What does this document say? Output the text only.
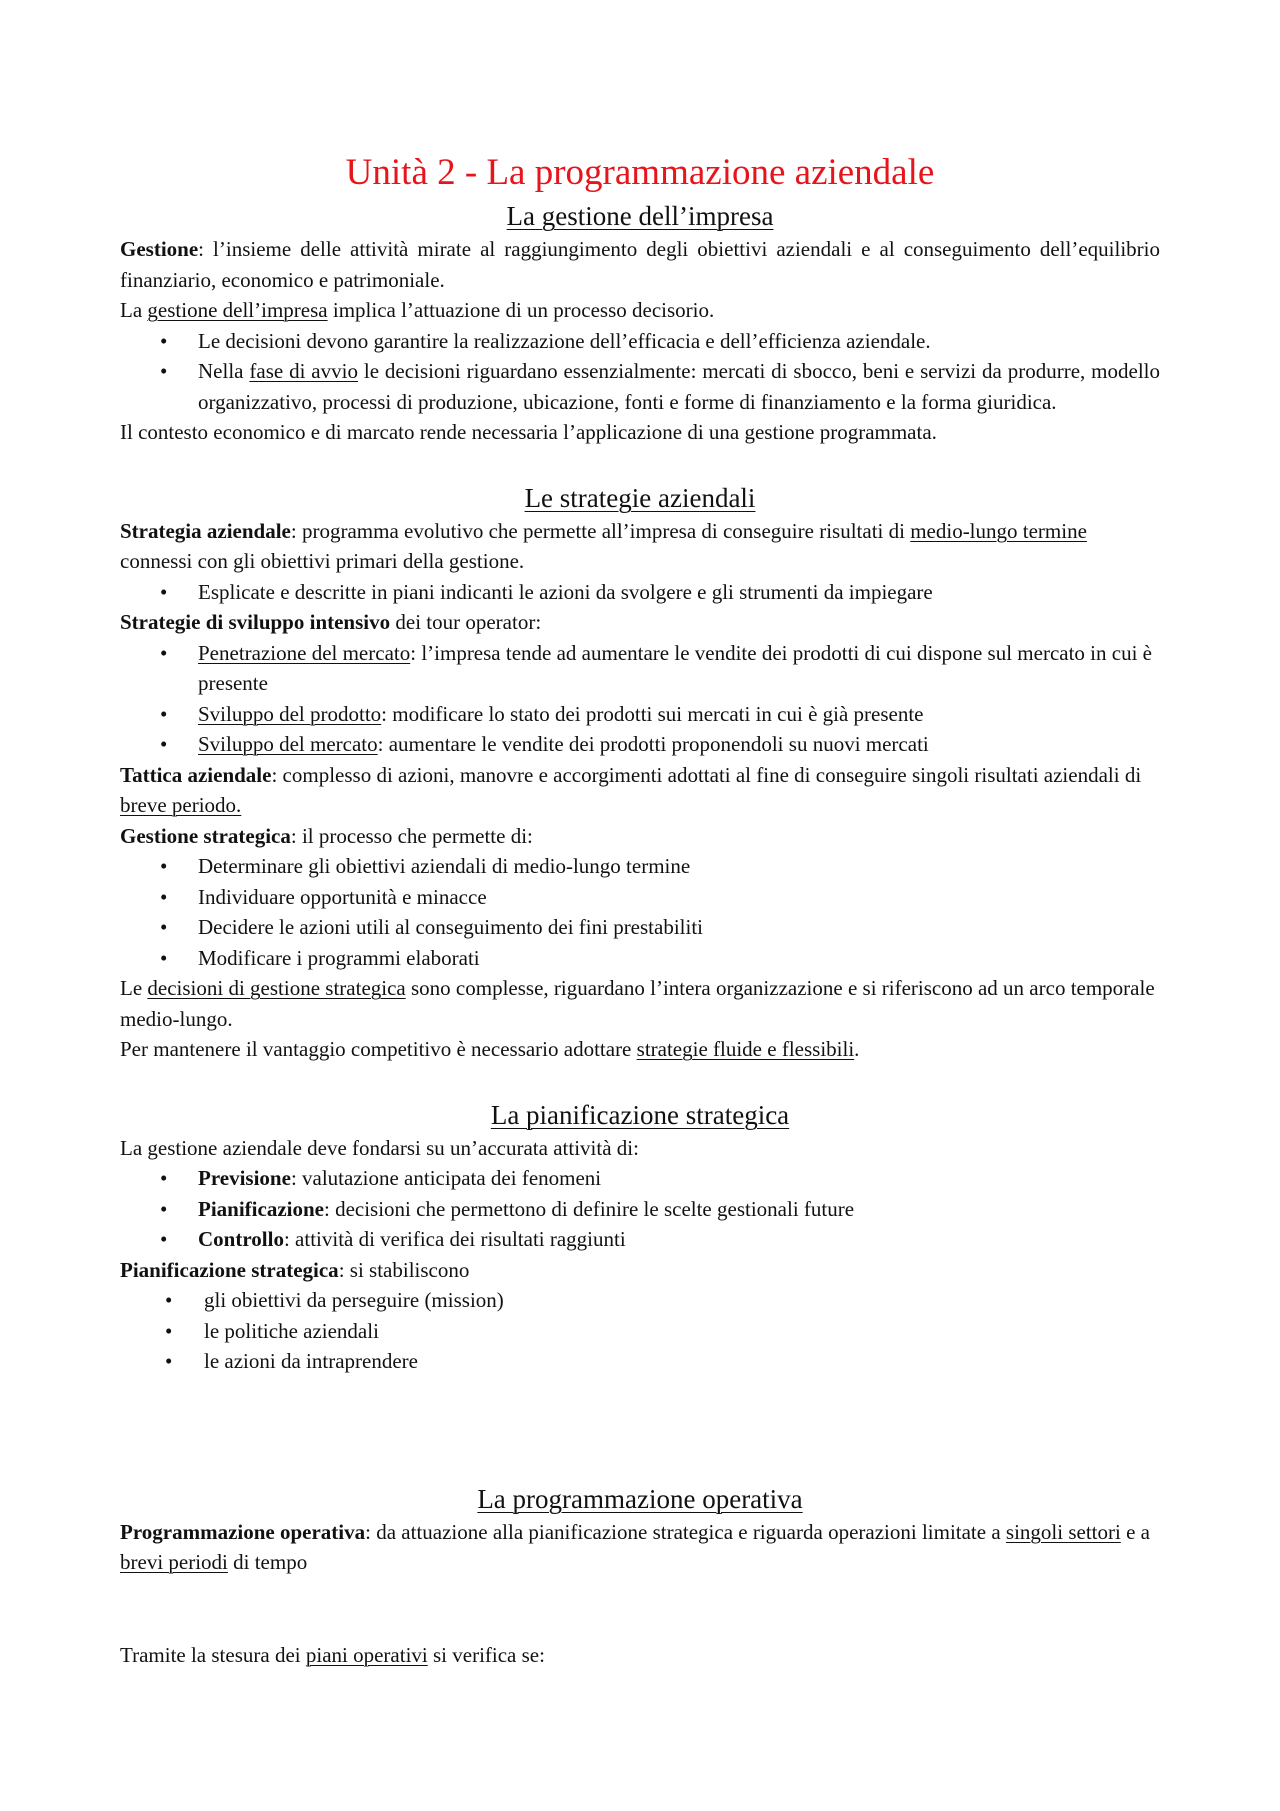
Unità 2 - La programmazione aziendale
La gestione dell’impresa

Gestione: l’insieme delle attività mirate al raggiungimento degli obiettivi aziendali e al conseguimento dell’equilibrio finanziario, economico e patrimoniale.

La gestione dell’impresa implica l’attuazione di un processo decisorio.

• Le decisioni devono garantire la realizzazione dell’efficacia e dell’efficienza aziendale.
• Nella fase di avvio le decisioni riguardano essenzialmente: mercati di sbocco, beni e servizi da produrre, modello organizzativo, processi di produzione, ubicazione, fonti e forme di finanziamento e la forma giuridica.

Il contesto economico e di marcato rende necessaria l’applicazione di una gestione programmata.

Le strategie aziendali

Strategia aziendale: programma evolutivo che permette all’impresa di conseguire risultati di medio-lungo termine connessi con gli obiettivi primari della gestione.

• Esplicate e descritte in piani indicanti le azioni da svolgere e gli strumenti da impiegare

Strategie di sviluppo intensivo dei tour operator:

• Penetrazione del mercato: l’impresa tende ad aumentare le vendite dei prodotti di cui dispone sul mercato in cui è presente
• Sviluppo del prodotto: modificare lo stato dei prodotti sui mercati in cui è già presente
• Sviluppo del mercato: aumentare le vendite dei prodotti proponendoli su nuovi mercati

Tattica aziendale: complesso di azioni, manovre e accorgimenti adottati al fine di conseguire singoli risultati aziendali di breve periodo.

Gestione strategica: il processo che permette di:

• Determinare gli obiettivi aziendali di medio-lungo termine
• Individuare opportunità e minacce
• Decidere le azioni utili al conseguimento dei fini prestabiliti
• Modificare i programmi elaborati

Le decisioni di gestione strategica sono complesse, riguardano l’intera organizzazione e si riferiscono ad un arco temporale medio-lungo.

Per mantenere il vantaggio competitivo è necessario adottare strategie fluide e flessibili.

La pianificazione strategica

La gestione aziendale deve fondarsi su un’accurata attività di:

• Previsione: valutazione anticipata dei fenomeni
• Pianificazione: decisioni che permettono di definire le scelte gestionali future
• Controllo: attività di verifica dei risultati raggiunti

Pianificazione strategica: si stabiliscono

• gli obiettivi da perseguire (mission)
• le politiche aziendali
• le azioni da intraprendere
La programmazione operativa

Programmazione operativa: da attuazione alla pianificazione strategica e riguarda operazioni limitate a singoli settori e a brevi periodi di tempo

Tramite la stesura dei piani operativi si verifica se:
